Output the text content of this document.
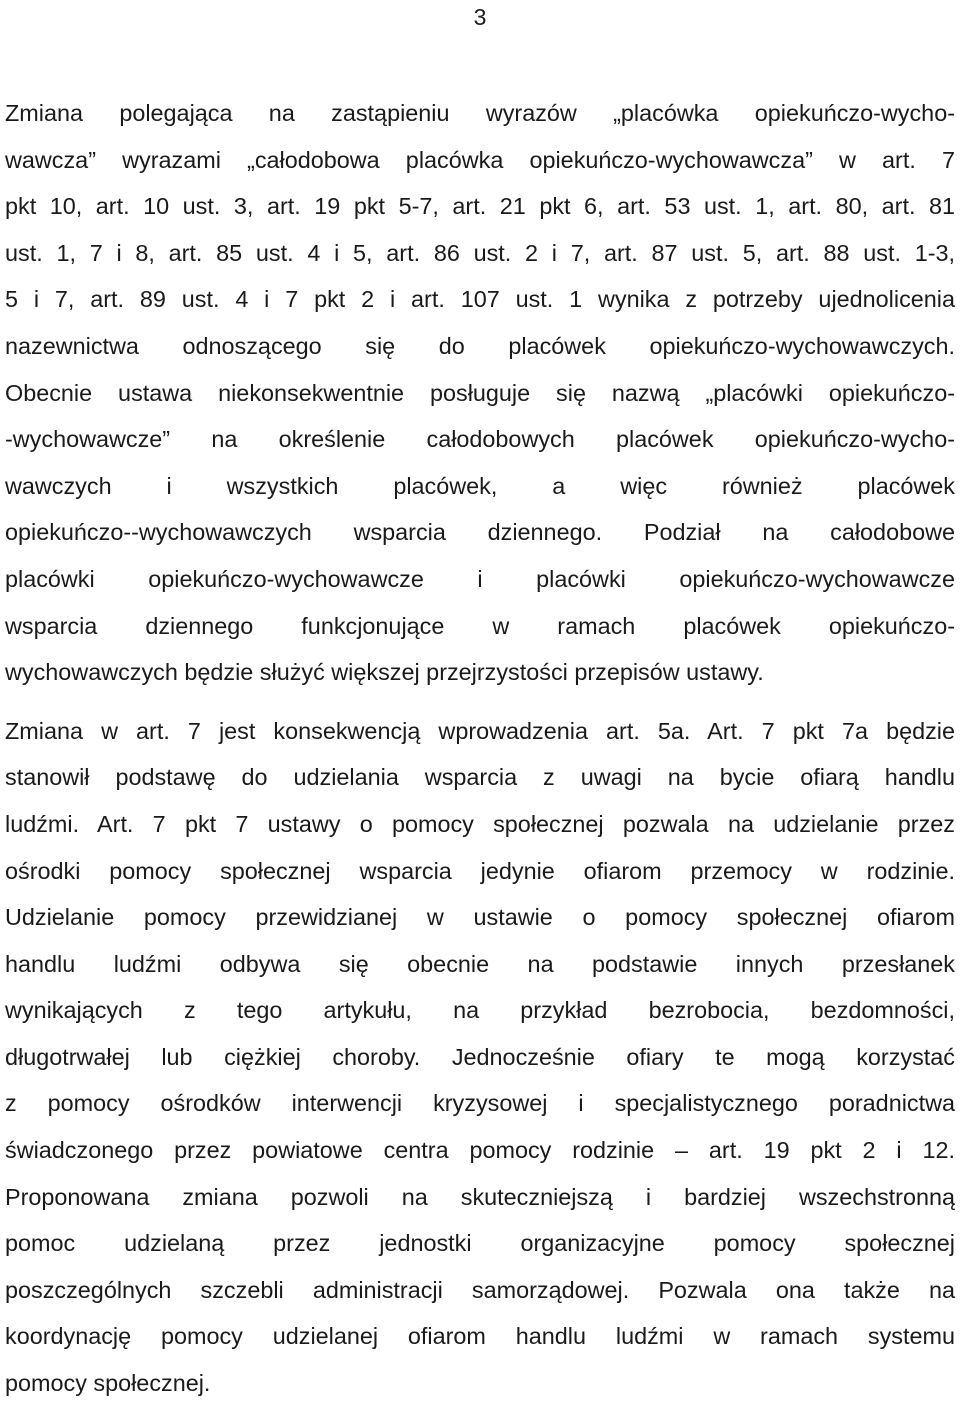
3

Zmiana polegająca na zastąpieniu wyrazów „placówka opiekuńczo-wycho-
wawcza” wyrazami „całodobowa placówka opiekuńczo-wychowawcza” w art. 7
pkt 10, art. 10 ust. 3, art. 19 pkt 5-7, art. 21 pkt 6, art. 53 ust. 1, art. 80, art. 81
ust. 1, 7 i 8, art. 85 ust. 4 i 5, art. 86 ust. 2 i 7, art. 87 ust. 5, art. 88 ust. 1-3,
5 i 7, art. 89 ust. 4 i 7 pkt 2 i art. 107 ust. 1 wynika z potrzeby ujednolicenia
nazewnictwa odnoszącego się do placówek opiekuńczo-wychowawczych.
Obecnie ustawa niekonsekwentnie posługuje się nazwą „placówki opiekuńczo-
-wychowawcze” na określenie całodobowych placówek opiekuńczo-wycho-
wawczych i wszystkich placówek, a więc również placówek
opiekuńczo--wychowawczych wsparcia dziennego. Podział na całodobowe
placówki opiekuńczo-wychowawcze i placówki opiekuńczo-wychowawcze
wsparcia dziennego funkcjonujące w ramach placówek opiekuńczo-
wychowawczych będzie służyć większej przejrzystości przepisów ustawy.

Zmiana w art. 7 jest konsekwencją wprowadzenia art. 5a. Art. 7 pkt 7a będzie
stanowił podstawę do udzielania wsparcia z uwagi na bycie ofiarą handlu
ludźmi. Art. 7 pkt 7 ustawy o pomocy społecznej pozwala na udzielanie przez
ośrodki pomocy społecznej wsparcia jedynie ofiarom przemocy w rodzinie.
Udzielanie pomocy przewidzianej w ustawie o pomocy społecznej ofiarom
handlu ludźmi odbywa się obecnie na podstawie innych przesłanek
wynikających z tego artykułu, na przykład bezrobocia, bezdomności,
długotrwałej lub ciężkiej choroby. Jednocześnie ofiary te mogą korzystać
z pomocy ośrodków interwencji kryzysowej i specjalistycznego poradnictwa
świadczonego przez powiatowe centra pomocy rodzinie – art. 19 pkt 2 i 12.
Proponowana zmiana pozwoli na skuteczniejszą i bardziej wszechstronną
pomoc udzielaną przez jednostki organizacyjne pomocy społecznej
poszczególnych szczebli administracji samorządowej. Pozwala ona także na
koordynację pomocy udzielanej ofiarom handlu ludźmi w ramach systemu
pomocy społecznej.
